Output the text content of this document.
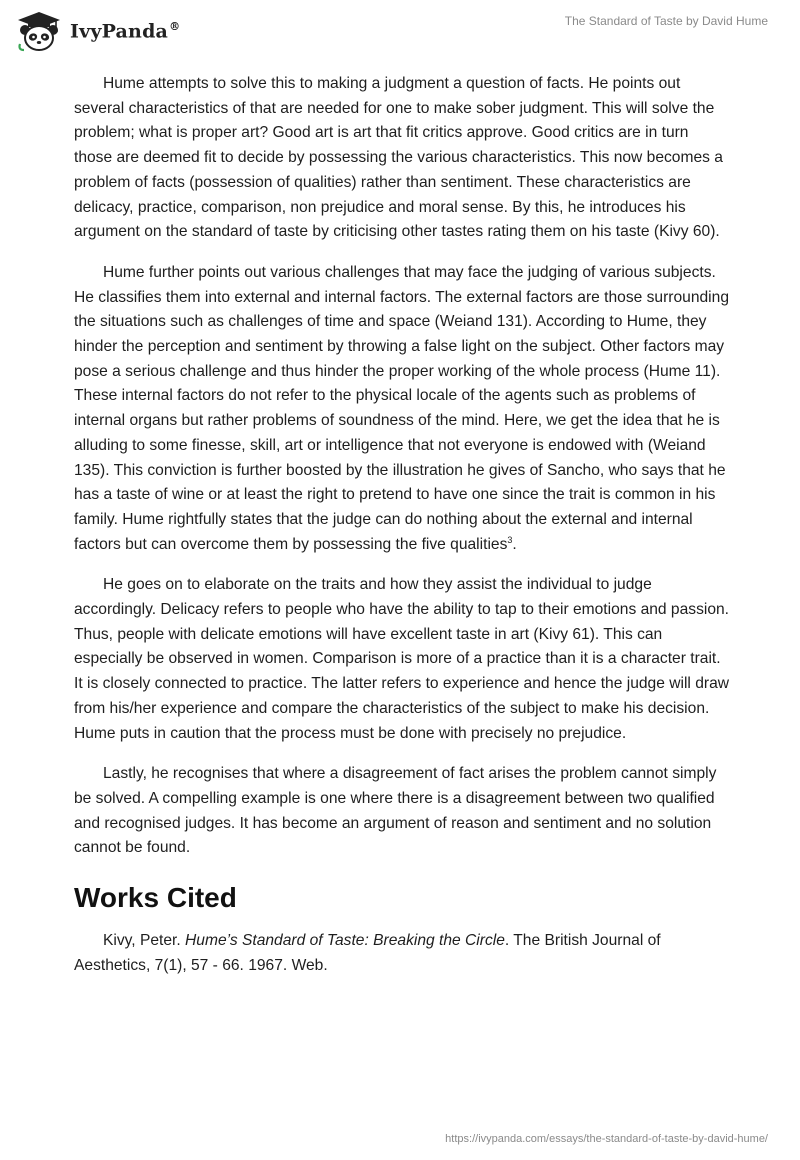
IvyPanda®	The Standard of Taste by David Hume

Hume attempts to solve this to making a judgment a question of facts. He points out several characteristics of that are needed for one to make sober judgment. This will solve the problem; what is proper art? Good art is art that fit critics approve. Good critics are in turn those are deemed fit to decide by possessing the various characteristics. This now becomes a problem of facts (possession of qualities) rather than sentiment. These characteristics are delicacy, practice, comparison, non prejudice and moral sense. By this, he introduces his argument on the standard of taste by criticising other tastes rating them on his taste (Kivy 60).

Hume further points out various challenges that may face the judging of various subjects. He classifies them into external and internal factors. The external factors are those surrounding the situations such as challenges of time and space (Weiand 131). According to Hume, they hinder the perception and sentiment by throwing a false light on the subject. Other factors may pose a serious challenge and thus hinder the proper working of the whole process (Hume 11). These internal factors do not refer to the physical locale of the agents such as problems of internal organs but rather problems of soundness of the mind. Here, we get the idea that he is alluding to some finesse, skill, art or intelligence that not everyone is endowed with (Weiand 135). This conviction is further boosted by the illustration he gives of Sancho, who says that he has a taste of wine or at least the right to pretend to have one since the trait is common in his family. Hume rightfully states that the judge can do nothing about the external and internal factors but can overcome them by possessing the five qualities$^3$.

He goes on to elaborate on the traits and how they assist the individual to judge accordingly. Delicacy refers to people who have the ability to tap to their emotions and passion. Thus, people with delicate emotions will have excellent taste in art (Kivy 61). This can especially be observed in women. Comparison is more of a practice than it is a character trait. It is closely connected to practice. The latter refers to experience and hence the judge will draw from his/her experience and compare the characteristics of the subject to make his decision. Hume puts in caution that the process must be done with precisely no prejudice.

Lastly, he recognises that where a disagreement of fact arises the problem cannot simply be solved. A compelling example is one where there is a disagreement between two qualified and recognised judges. It has become an argument of reason and sentiment and no solution cannot be found.

Works Cited

Kivy, Peter. Hume’s Standard of Taste: Breaking the Circle. The British Journal of Aesthetics, 7(1), 57 - 66. 1967. Web.

https://ivypanda.com/essays/the-standard-of-taste-by-david-hume/
